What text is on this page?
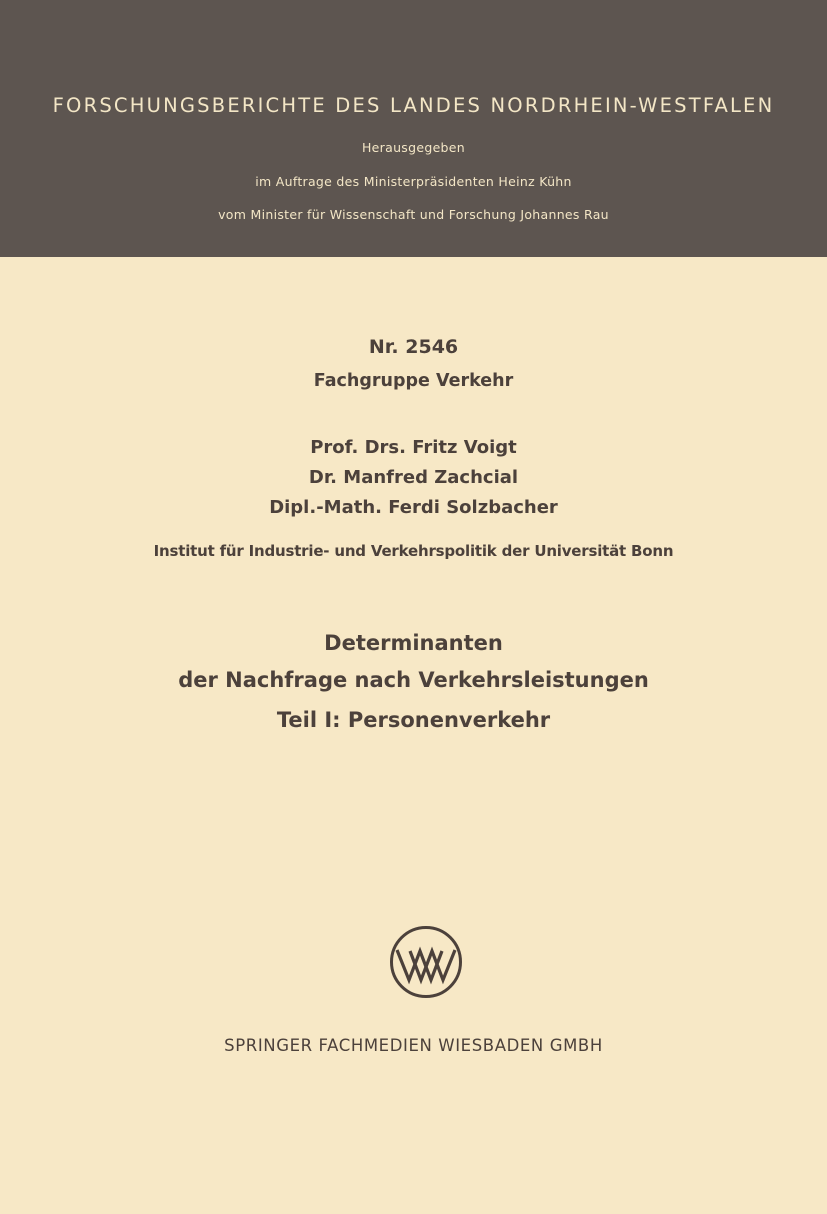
FORSCHUNGSBERICHTE DES LANDES NORDRHEIN-WESTFALEN
Herausgegeben
im Auftrage des Ministerpräsidenten Heinz Kühn
vom Minister für Wissenschaft und Forschung Johannes Rau
Nr. 2546
Fachgruppe Verkehr
Prof. Drs. Fritz Voigt
Dr. Manfred Zachcial
Dipl.-Math. Ferdi Solzbacher
Institut für Industrie- und Verkehrspolitik der Universität Bonn
Determinanten
der Nachfrage nach Verkehrsleistungen
Teil I: Personenverkehr
SPRINGER FACHMEDIEN WIESBADEN GMBH
